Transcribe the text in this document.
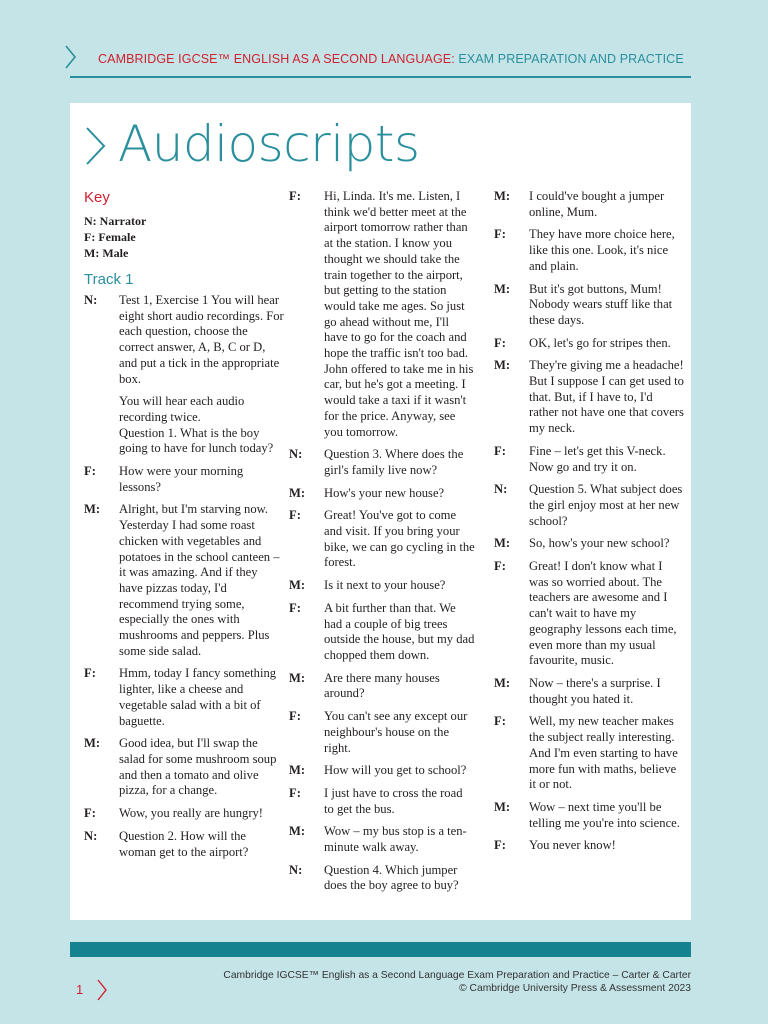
CAMBRIDGE IGCSE™ ENGLISH AS A SECOND LANGUAGE: EXAM PREPARATION AND PRACTICE
Audioscripts
Key
N: Narrator
F: Female
M: Male
Track 1
N:	Test 1, Exercise 1 You will hear eight short audio recordings. For each question, choose the correct answer, A, B, C or D, and put a tick in the appropriate box.

You will hear each audio recording twice.

Question 1. What is the boy going to have for lunch today?

F:	How were your morning lessons?

M:	Alright, but I'm starving now. Yesterday I had some roast chicken with vegetables and potatoes in the school canteen – it was amazing. And if they have pizzas today, I'd recommend trying some, especially the ones with mushrooms and peppers. Plus some side salad.

F:	Hmm, today I fancy something lighter, like a cheese and vegetable salad with a bit of baguette.

M:	Good idea, but I'll swap the salad for some mushroom soup and then a tomato and olive pizza, for a change.

F:	Wow, you really are hungry!

N:	Question 2. How will the woman get to the airport?

F:	Hi, Linda. It's me. Listen, I think we'd better meet at the airport tomorrow rather than at the station. I know you thought we should take the train together to the airport, but getting to the station would take me ages. So just go ahead without me, I'll have to go for the coach and hope the traffic isn't too bad. John offered to take me in his car, but he's got a meeting. I would take a taxi if it wasn't for the price. Anyway, see you tomorrow.

N:	Question 3. Where does the girl's family live now?

M:	How's your new house?

F:	Great! You've got to come and visit. If you bring your bike, we can go cycling in the forest.

M:	Is it next to your house?

F:	A bit further than that. We had a couple of big trees outside the house, but my dad chopped them down.

M:	Are there many houses around?

F:	You can't see any except our neighbour's house on the right.

M:	How will you get to school?

F:	I just have to cross the road to get the bus.

M:	Wow – my bus stop is a ten-minute walk away.

N:	Question 4. Which jumper does the boy agree to buy?

M:	I could've bought a jumper online, Mum.

F:	They have more choice here, like this one. Look, it's nice and plain.

M:	But it's got buttons, Mum! Nobody wears stuff like that these days.

F:	OK, let's go for stripes then.

M:	They're giving me a headache! But I suppose I can get used to that. But, if I have to, I'd rather not have one that covers my neck.

F:	Fine – let's get this V-neck. Now go and try it on.

N:	Question 5. What subject does the girl enjoy most at her new school?

M:	So, how's your new school?

F:	Great! I don't know what I was so worried about. The teachers are awesome and I can't wait to have my geography lessons each time, even more than my usual favourite, music.

M:	Now – there's a surprise. I thought you hated it.

F:	Well, my new teacher makes the subject really interesting. And I'm even starting to have more fun with maths, believe it or not.

M:	Wow – next time you'll be telling me you're into science.

F:	You never know!

1
Cambridge IGCSE™ English as a Second Language Exam Preparation and Practice – Carter & Carter
© Cambridge University Press & Assessment 2023
